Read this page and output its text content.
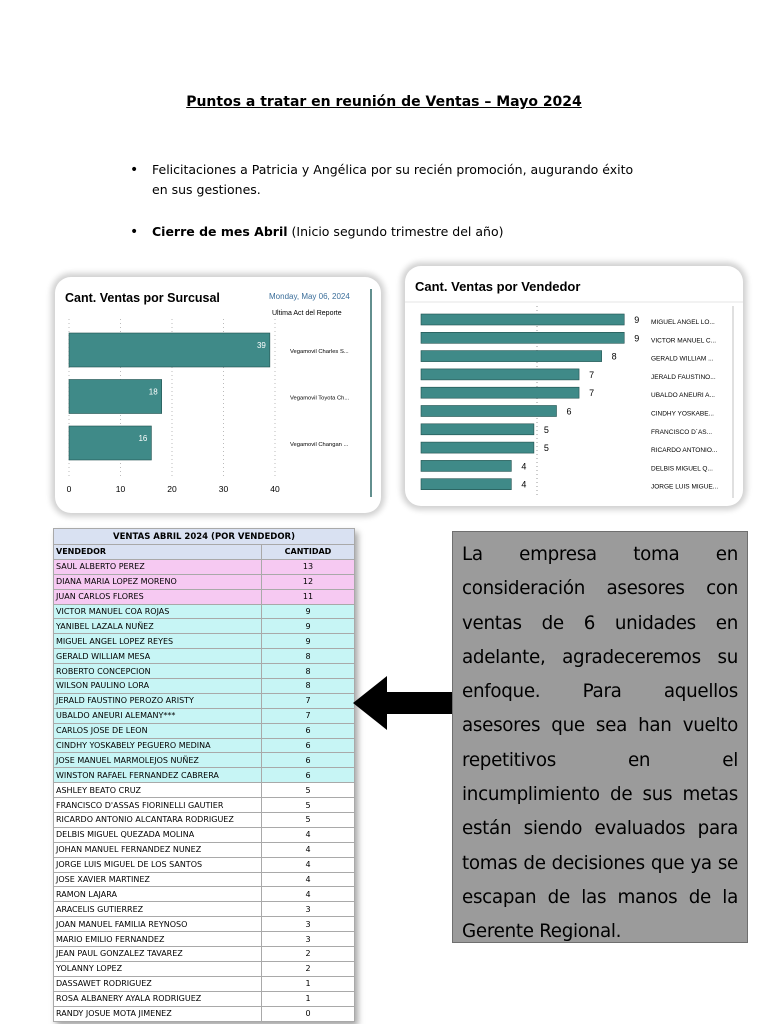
Puntos a tratar en reunión de Ventas – Mayo 2024
• Felicitaciones a Patricia y Angélica por su recién promoción, augurando éxito en sus gestiones.
• Cierre de mes Abril (Inicio segundo trimestre del año)
Cant. Ventas por Surcusal	Monday, May 06, 2024
Ultima Act del Reporte
0	10	20	30	40
39
Vegamovil Charles S...
18
Vegamovil Toyota Ch...
16
Vegamovil Changan ...
Cant. Ventas por Vendedor
9 MIGUEL ANGEL LO...
9 VICTOR MANUEL C...
8	GERALD WILLIAM ...
7	JERALD FAUSTINO...
7	UBALDO ANEURI A...
6	CINDHY YOSKABE...
5	FRANCISCO D´AS...
5	RICARDO ANTONIO...
4	DELBIS MIGUEL Q...
4	JORGE LUIS MIGUE...
VENTAS ABRIL 2024 (POR VENDEDOR)	
VENDEDOR	CANTIDAD
SAUL ALBERTO PEREZ	13
DIANA MARIA LOPEZ MORENO	12
JUAN CARLOS FLORES	11
VICTOR MANUEL COA ROJAS	9
YANIBEL LAZALA NUÑEZ	9
MIGUEL ANGEL LOPEZ REYES	9
GERALD WILLIAM MESA	8
ROBERTO CONCEPCION	8
WILSON PAULINO LORA	8
JERALD FAUSTINO PEROZO ARISTY	7
UBALDO ANEURI ALEMANY***	7
CARLOS JOSE DE LEON	6
CINDHY YOSKABELY PEGUERO MEDINA	6
JOSE MANUEL MARMOLEJOS NUÑEZ	6
WINSTON RAFAEL FERNANDEZ CABRERA	6
ASHLEY BEATO CRUZ	5
FRANCISCO D'ASSAS FIORINELLI GAUTIER	5
RICARDO ANTONIO ALCANTARA RODRIGUEZ	5
DELBIS MIGUEL QUEZADA MOLINA	4
JOHAN MANUEL FERNANDEZ NUNEZ	4
JORGE LUIS MIGUEL DE LOS SANTOS	4
JOSE XAVIER MARTINEZ	4
RAMON LAJARA	4
ARACELIS GUTIERREZ	3
JOAN MANUEL FAMILIA REYNOSO	3
MARIO EMILIO FERNANDEZ	3
JEAN PAUL GONZALEZ TAVAREZ	2
YOLANNY LOPEZ	2
DASSAWET RODRIGUEZ	1
ROSA ALBANERY AYALA RODRIGUEZ	1
RANDY JOSUE MOTA JIMENEZ	0
La empresa toma en consideración asesores con ventas de 6 unidades en adelante, agradeceremos su enfoque. Para aquellos asesores que sea han vuelto repetitivos en el incumplimiento de sus metas están siendo evaluados para tomas de decisiones que ya se escapan de las manos de la Gerente Regional.
